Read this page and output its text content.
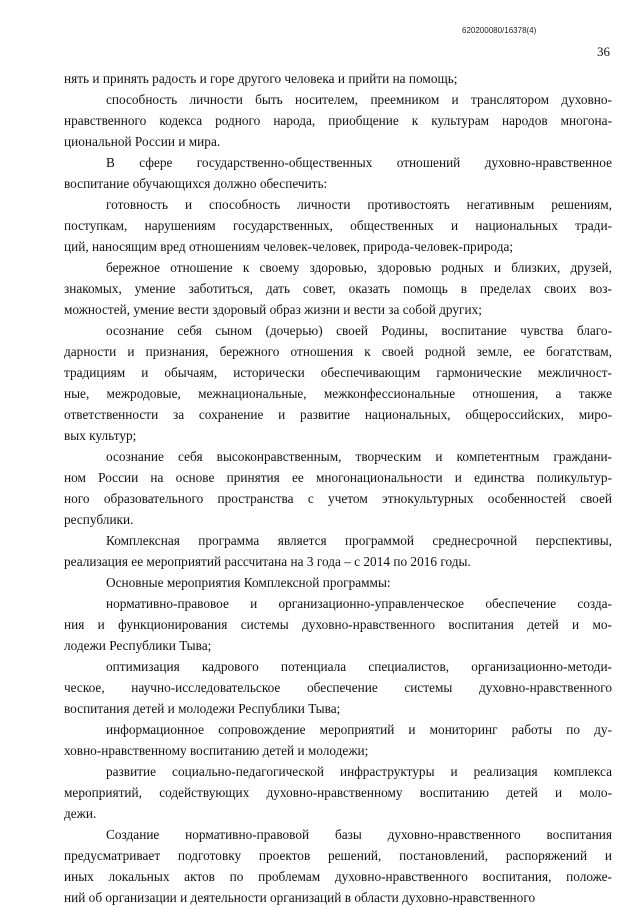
620200080/16378(4)
36
нять и принять радость и горе другого человека и прийти на помощь;
способность личности быть носителем, преемником и транслятором духовно-
нравственного кодекса родного народа, приобщение к культурам народов многона-
циональной России и мира.
В сфере государственно-общественных отношений духовно-нравственное
воспитание обучающихся должно обеспечить:
готовность и способность личности противостоять негативным решениям,
поступкам, нарушениям государственных, общественных и национальных тради-
ций, наносящим вред отношениям человек-человек, природа-человек-природа;
бережное отношение к своему здоровью, здоровью родных и близких, друзей,
знакомых, умение заботиться, дать совет, оказать помощь в пределах своих воз-
можностей, умение вести здоровый образ жизни и вести за собой других;
осознание себя сыном (дочерью) своей Родины, воспитание чувства благо-
дарности и признания, бережного отношения к своей родной земле, ее богатствам,
традициям и обычаям, исторически обеспечивающим гармонические межличност-
ные, межродовые, межнациональные, межконфессиональные отношения, а также
ответственности за сохранение и развитие национальных, общероссийских, миро-
вых культур;
осознание себя высоконравственным, творческим и компетентным граждани-
ном России на основе принятия ее многонациональности и единства поликультур-
ного образовательного пространства с учетом этнокультурных особенностей своей
республики.
Комплексная программа является программой среднесрочной перспективы,
реализация ее мероприятий рассчитана на 3 года – с 2014 по 2016 годы.
Основные мероприятия Комплексной программы:
нормативно-правовое и организационно-управленческое обеспечение созда-
ния и функционирования системы духовно-нравственного воспитания детей и мо-
лодежи Республики Тыва;
оптимизация кадрового потенциала специалистов, организационно-методи-
ческое, научно-исследовательское обеспечение системы духовно-нравственного
воспитания детей и молодежи Республики Тыва;
информационное сопровождение мероприятий и мониторинг работы по ду-
ховно-нравственному воспитанию детей и молодежи;
развитие социально-педагогической инфраструктуры и реализация комплекса
мероприятий, содействующих духовно-нравственному воспитанию детей и моло-
дежи.
Создание нормативно-правовой базы духовно-нравственного воспитания
предусматривает подготовку проектов решений, постановлений, распоряжений и
иных локальных актов по проблемам духовно-нравственного воспитания, положе-
ний об организации и деятельности организаций в области духовно-нравственного
